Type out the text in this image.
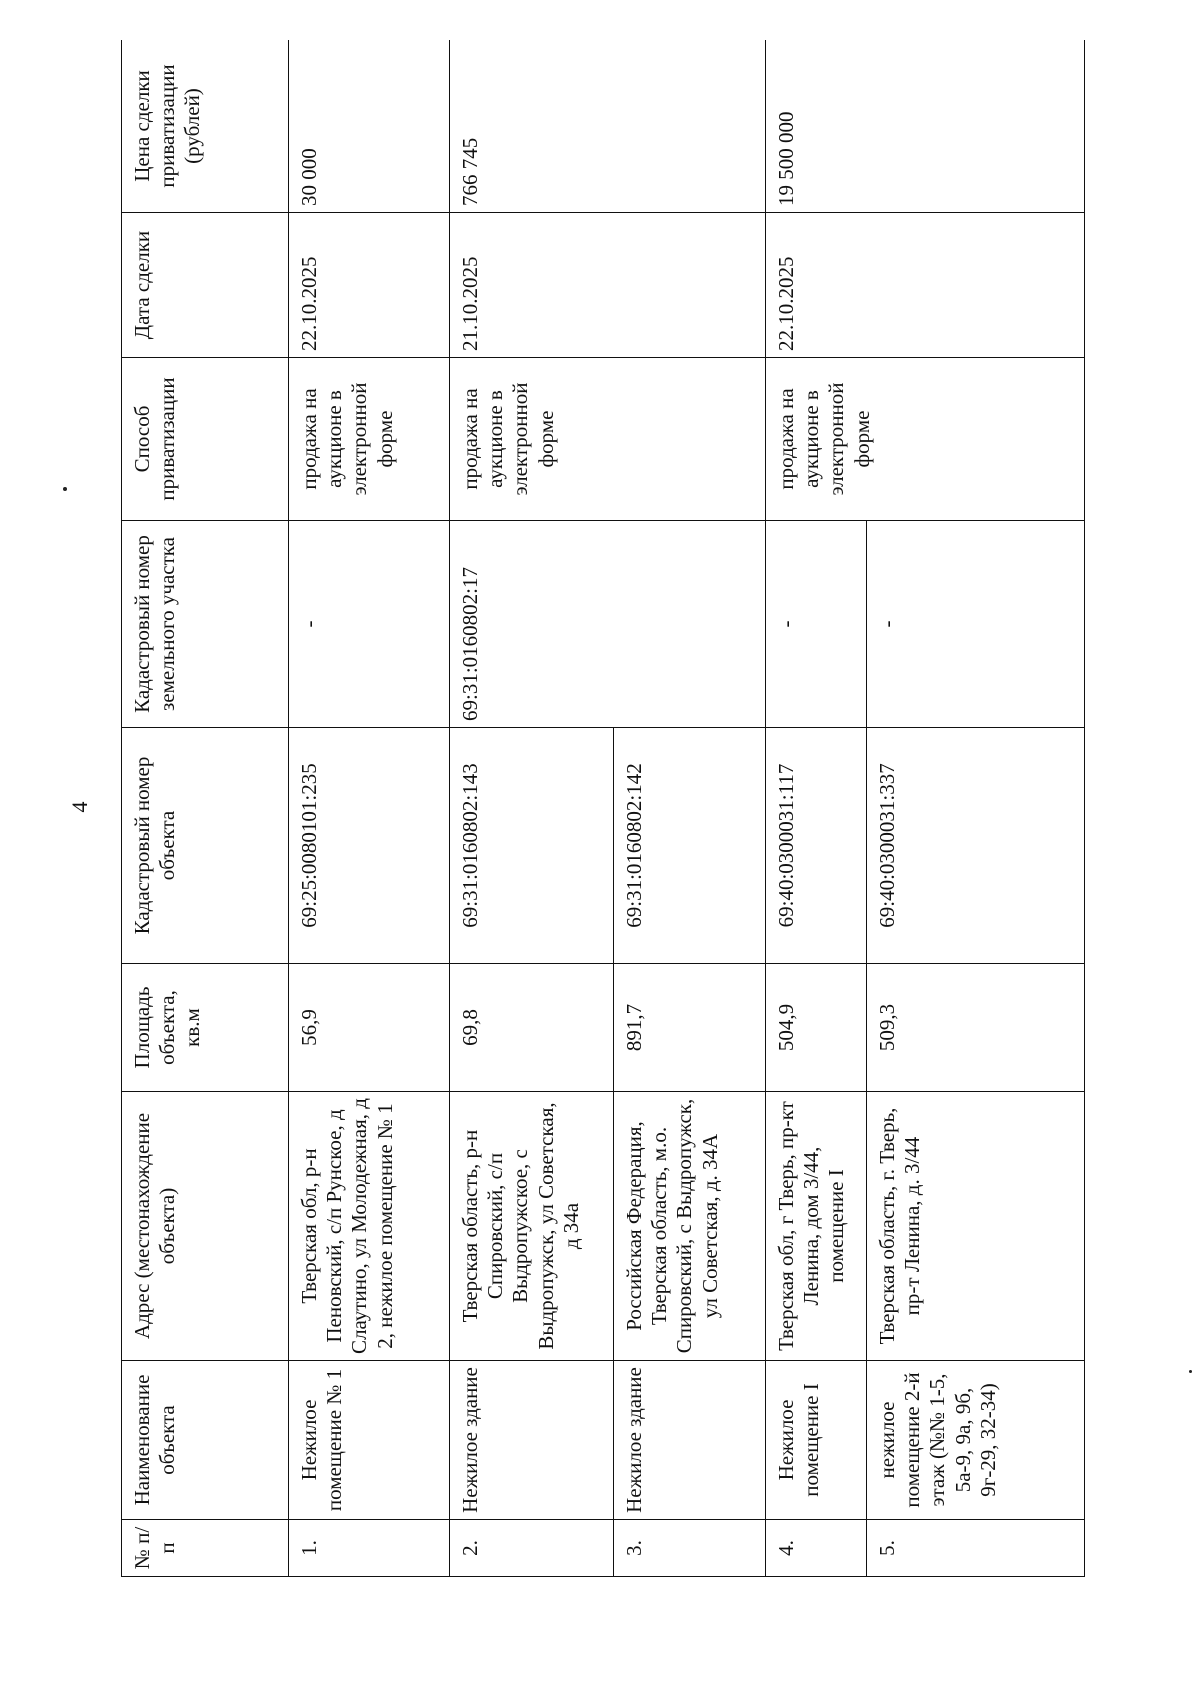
4
№ п/п	Наименование объекта	Адрес (местонахождение объекта)	Площадь объекта, кв.м	Кадастровый номер объекта	Кадастровый номер земельного участка	Способ приватизации	Дата сделки	Цена сделки приватизации (рублей)
1.	Нежилое помещение № 1	Тверская обл, р-н Пеновский, с/п Рунское, д Слаутино, ул Молодежная, д 2, нежилое помещение № 1	56,9	69:25:0080101:235	-	продажа на аукционе в электронной форме	22.10.2025	30 000
2.	Нежилое здание	Тверская область, р-н Спировский, с/п Выдропужское, с Выдропужск, ул Советская, д 34а	69,8	69:31:0160802:143	69:31:0160802:17	продажа на аукционе в электронной форме	21.10.2025	766 745
3.	Нежилое здание	Российская Федерация, Тверская область, м.о. Спировский, с Выдропужск, ул Советская, д. 34А	891,7	69:31:0160802:142				
4.	Нежилое помещение I	Тверская обл, г Тверь, пр-кт Ленина, дом 3/44, помещение I	504,9	69:40:0300031:117	-	продажа на аукционе в электронной форме	22.10.2025	19 500 000
5.	нежилое помещение 2-й этаж (№№ 1-5, 5а-9, 9а, 9б, 9г-29, 32-34)	Тверская область, г. Тверь, пр-т Ленина, д. 3/44	509,3	69:40:0300031:337	-			
